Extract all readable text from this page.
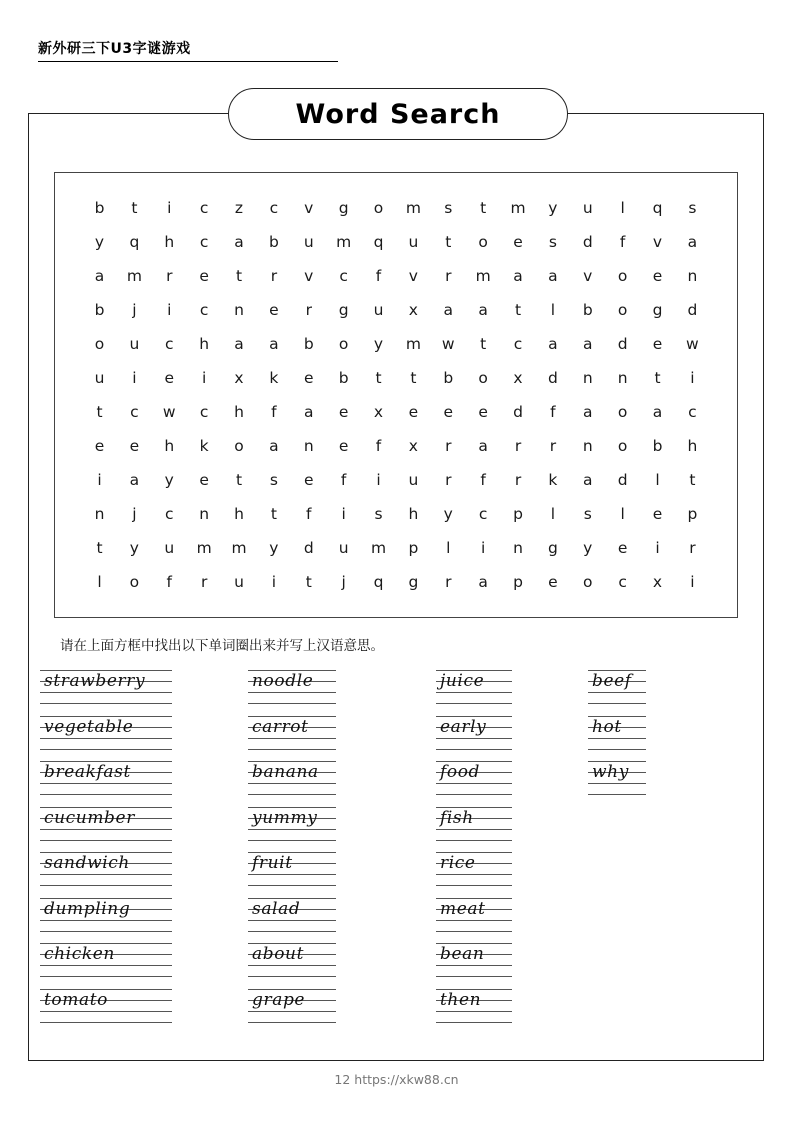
新外研三下U3字谜游戏
Word Search
b	t	i	c	z	c	v	g	o	m	s	t	m	y	u	l	q	s
y	q	h	c	a	b	u	m	q	u	t	o	e	s	d	f	v	a
a	m	r	e	t	r	v	c	f	v	r	m	a	a	v	o	e	n
b	j	i	c	n	e	r	g	u	x	a	a	t	l	b	o	g	d
o	u	c	h	a	a	b	o	y	m w	t	c	a	a	d	e	w
u	i	e	i	x	k	e	b	t	t	b	o	x	d	n	n	t	i
t	c	w	c	h	f	a	e	x	e	e	e	d	f	a	o	a	c
e	e	h	k	o	a	n	e	f	x	r	a	r	r	n	o	b	h
i	a	y	e	t	s	e	f	i	u	r	f	r	k	a	d	l	t
n	j	c	n	h	t	f	i	s	h	y	c	p	l	s	l	e	p
t	y	u	m m	y	d	u	m	p	l	i	n	g	y	e	i	r
l	o	f	r	u	i	t	j	q	g	r	a	p	e	o	c	x	i
请在上面方框中找出以下单词圈出来并写上汉语意思。
strawberry
vegetable
breakfast
cucumber
sandwich
dumpling
chicken
tomato
noodle
carrot
banana
yummy
fruit
salad
about
grape
juice
early
food
fish
rice
meat
bean
then
beef
hot
why
12 https://xkw88.cn
